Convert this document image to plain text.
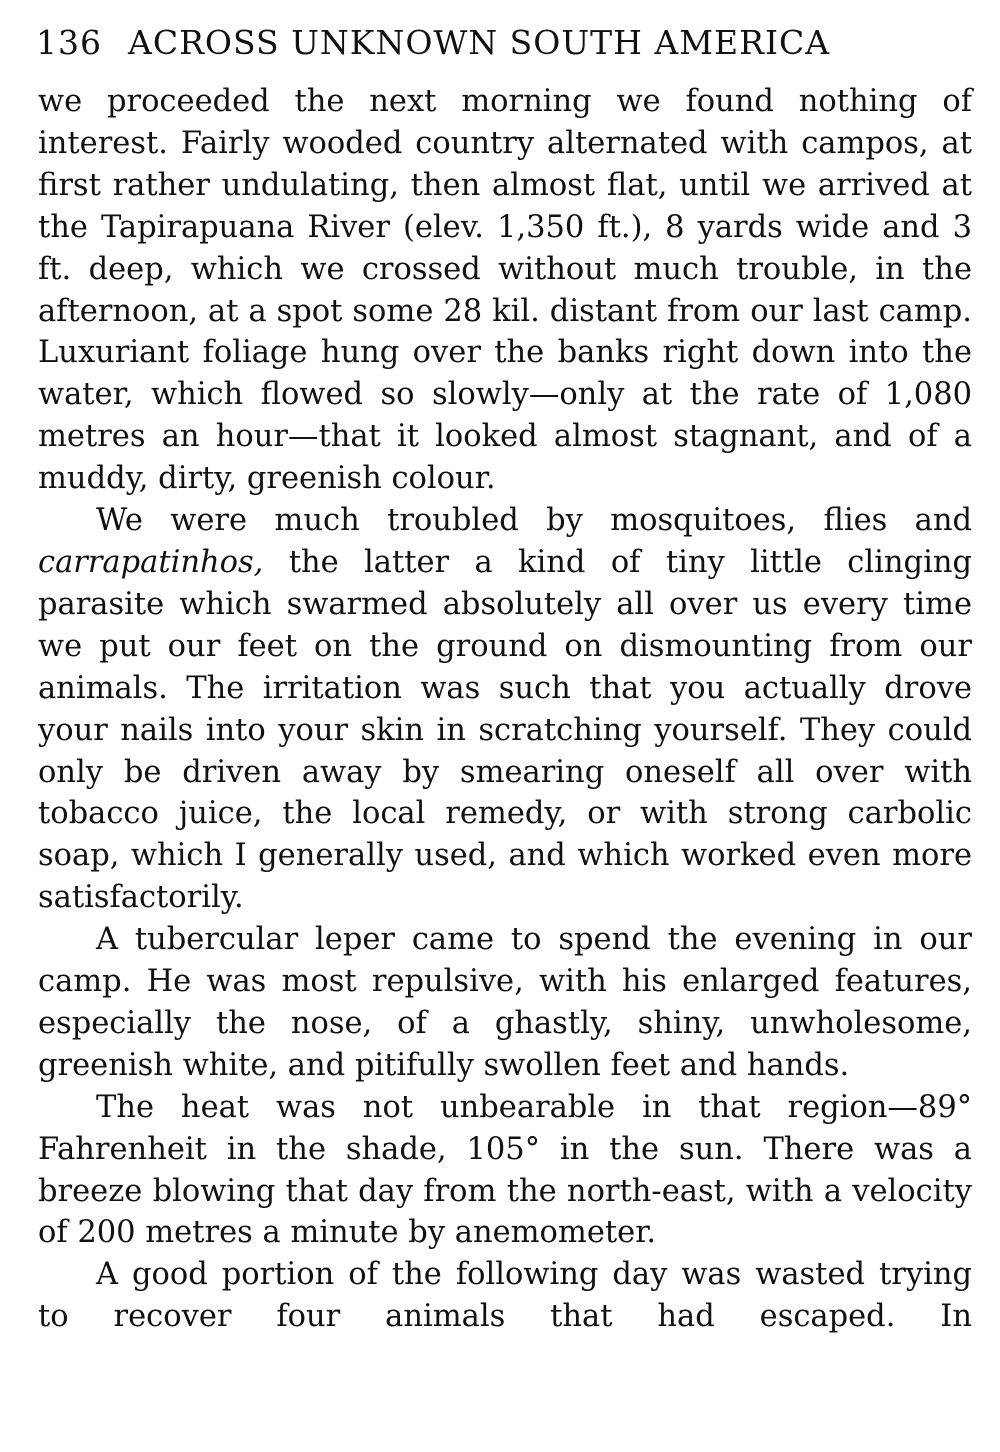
136 ACROSS UNKNOWN SOUTH AMERICA

we proceeded the next morning we found nothing of interest. Fairly wooded country alternated with campos, at first rather undulating, then almost flat, until we arrived at the Tapirapuana River (elev. 1,350 ft.), 8 yards wide and 3 ft. deep, which we crossed without much trouble, in the afternoon, at a spot some 28 kil. distant from our last camp. Luxuriant foliage hung over the banks right down into the water, which flowed so slowly—only at the rate of 1,080 metres an hour—that it looked almost stagnant, and of a muddy, dirty, greenish colour.

We were much troubled by mosquitoes, flies and carrapatinhos, the latter a kind of tiny little clinging parasite which swarmed absolutely all over us every time we put our feet on the ground on dismounting from our animals. The irritation was such that you actually drove your nails into your skin in scratching yourself. They could only be driven away by smearing oneself all over with tobacco juice, the local remedy, or with strong carbolic soap, which I generally used, and which worked even more satisfactorily.

A tubercular leper came to spend the evening in our camp. He was most repulsive, with his enlarged features, especially the nose, of a ghastly, shiny, unwholesome, greenish white, and pitifully swollen feet and hands.

The heat was not unbearable in that region—89° Fahrenheit in the shade, 105° in the sun. There was a breeze blowing that day from the north-east, with a velocity of 200 metres a minute by anemometer.

A good portion of the following day was wasted trying to recover four animals that had escaped. In
